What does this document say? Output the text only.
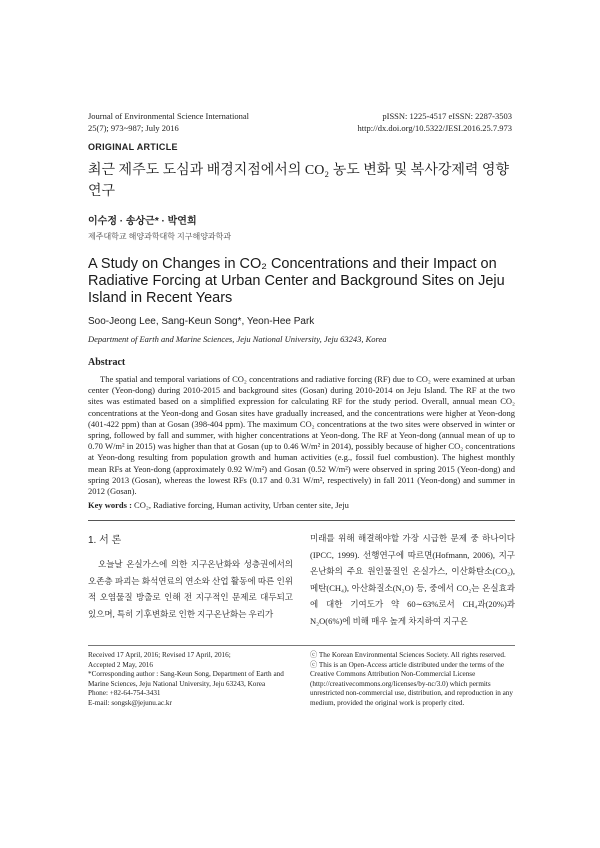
Journal of Environmental Science International
25(7); 973~987; July 2016
pISSN: 1225-4517 eISSN: 2287-3503
http://dx.doi.org/10.5322/JESI.2016.25.7.973
ORIGINAL ARTICLE
최근 제주도 도심과 배경지점에서의 CO₂ 농도 변화 및 복사강제력 영향 연구
이수정 · 송상근* · 박연희
제주대학교 해양과학대학 지구해양과학과
A Study on Changes in CO₂ Concentrations and their Impact on Radiative Forcing at Urban Center and Background Sites on Jeju Island in Recent Years
Soo-Jeong Lee, Sang-Keun Song*, Yeon-Hee Park
Department of Earth and Marine Sciences, Jeju National University, Jeju 63243, Korea
Abstract
The spatial and temporal variations of CO₂ concentrations and radiative forcing (RF) due to CO₂ were examined at urban center (Yeon-dong) during 2010-2015 and background sites (Gosan) during 2010-2014 on Jeju Island. The RF at the two sites was estimated based on a simplified expression for calculating RF for the study period. Overall, annual mean CO₂ concentrations at the Yeon-dong and Gosan sites have gradually increased, and the concentrations were higher at Yeon-dong (401-422 ppm) than at Gosan (398-404 ppm). The maximum CO₂ concentrations at the two sites were observed in winter or spring, followed by fall and summer, with higher concentrations at Yeon-dong. The RF at Yeon-dong (annual mean of up to 0.70 W/m² in 2015) was higher than that at Gosan (up to 0.46 W/m² in 2014), possibly because of higher CO₂ concentrations at Yeon-dong resulting from population growth and human activities (e.g., fossil fuel combustion). The highest monthly mean RFs at Yeon-dong (approximately 0.92 W/m²) and Gosan (0.52 W/m²) were observed in spring 2015 (Yeon-dong) and spring 2013 (Gosan), whereas the lowest RFs (0.17 and 0.31 W/m², respectively) in fall 2011 (Yeon-dong) and summer in 2012 (Gosan).
Key words : CO₂, Radiative forcing, Human activity, Urban center site, Jeju
1. 서 론
오늘날 온실가스에 의한 지구온난화와 성층권에서의 오존층 파괴는 화석연료의 연소와 산업 활동에 따른 인위적 오염물질 방출로 인해 전 지구적인 문제로 대두되고 있으며, 특히 기후변화로 인한 지구온난화는 우리가
미래를 위해 해결해야할 가장 시급한 문제 중 하나이다 (IPCC, 1999). 선행연구에 따르면(Hofmann, 2006), 지구온난화의 주요 원인물질인 온실가스, 이산화탄소(CO₂), 메탄(CH₄), 아산화질소(N₂O) 등, 중에서 CO₂는 온실효과에 대한 기여도가 약 60∼63%로서 CH₄과(20%)과 N₂O(6%)에 비해 매우 높게 차지하여 지구온
Received 17 April, 2016; Revised 17 April, 2016;
Accepted 2 May, 2016
*Corresponding author : Sang-Keun Song, Department of Earth and Marine Sciences, Jeju National University, Jeju 63243, Korea
Phone: +82-64-754-3431
E-mail: songsk@jejunu.ac.kr
ⓒ The Korean Environmental Sciences Society. All rights reserved.
ⓒ This is an Open-Access article distributed under the terms of the Creative Commons Attribution Non-Commercial License (http://creativecommons.org/licenses/by-nc/3.0) which permits unrestricted non-commercial use, distribution, and reproduction in any medium, provided the original work is properly cited.
